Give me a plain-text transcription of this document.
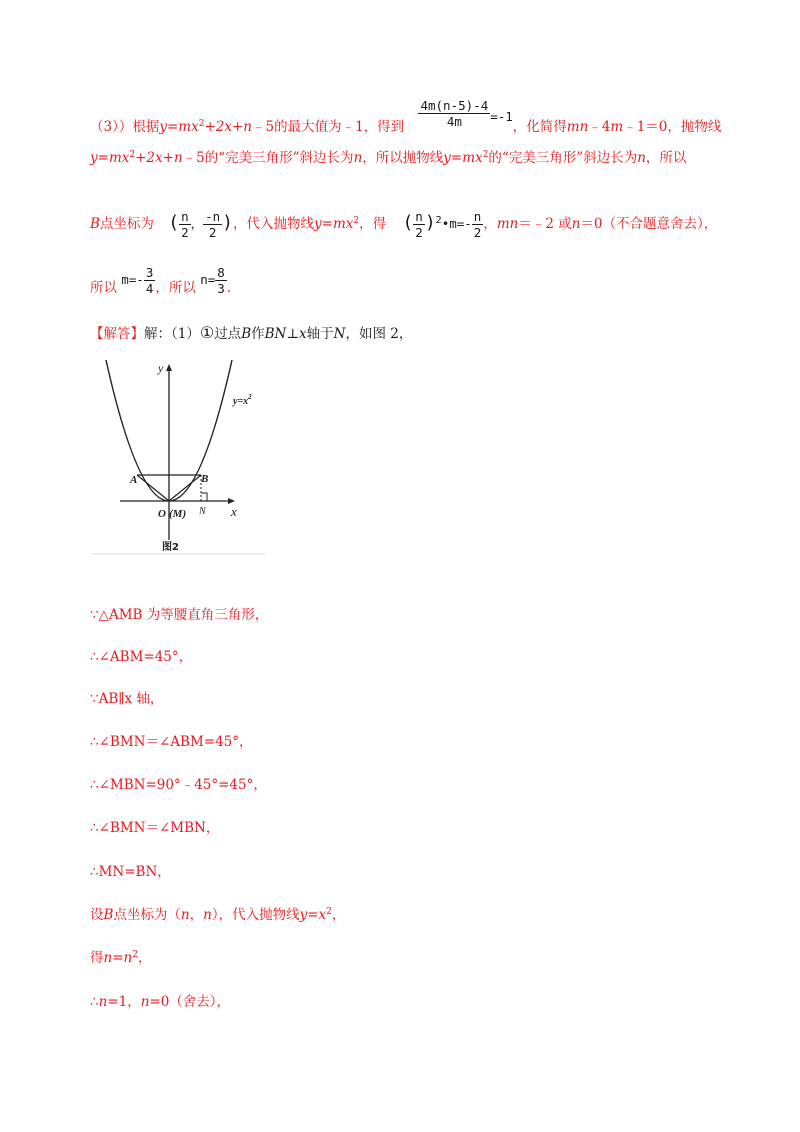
（3））根据$y=mx^2+2x+n﹣5$的最大值为﹣1，得到 $\frac{4m(n-5)-4}{4m} =-1$，化简得mn﹣4m﹣1＝0，抛物线
$y=mx^2+2x+n﹣5$的“完美三角形”斜边长为n，所以抛物线$y=mx^2$的“完美三角形”斜边长为n，所以
B点坐标为 ( $\frac{n}{2}$ ， $\frac{-n}{2}$ )，代入抛物线$y=mx^2$，得 ( $\frac{n}{2}$ )$^2$•m=- $\frac{n}{2}$ ，mn＝﹣2 或n＝0（不合题意舍去），
所以 $m=- \frac{3}{4}$ ，所以 $n= \frac{8}{3}$ .
【解答】解：（1）①过点B作BN⊥x轴于N，如图 2，
y
x
$y=x^2$
A	B
O (M) N
图2
∵△AMB 为等腰直角三角形，
∴∠ABM=45°，
∵AB∥x 轴，
∴∠BMN＝∠ABM=45°，
∴∠MBN=90°﹣45°=45°，
∴∠BMN＝∠MBN，
∴MN=BN，
设B点坐标为（n，n），代入抛物线$y=x^2$，
得$n=n^2$，
∴n=1，n=0（舍去），
